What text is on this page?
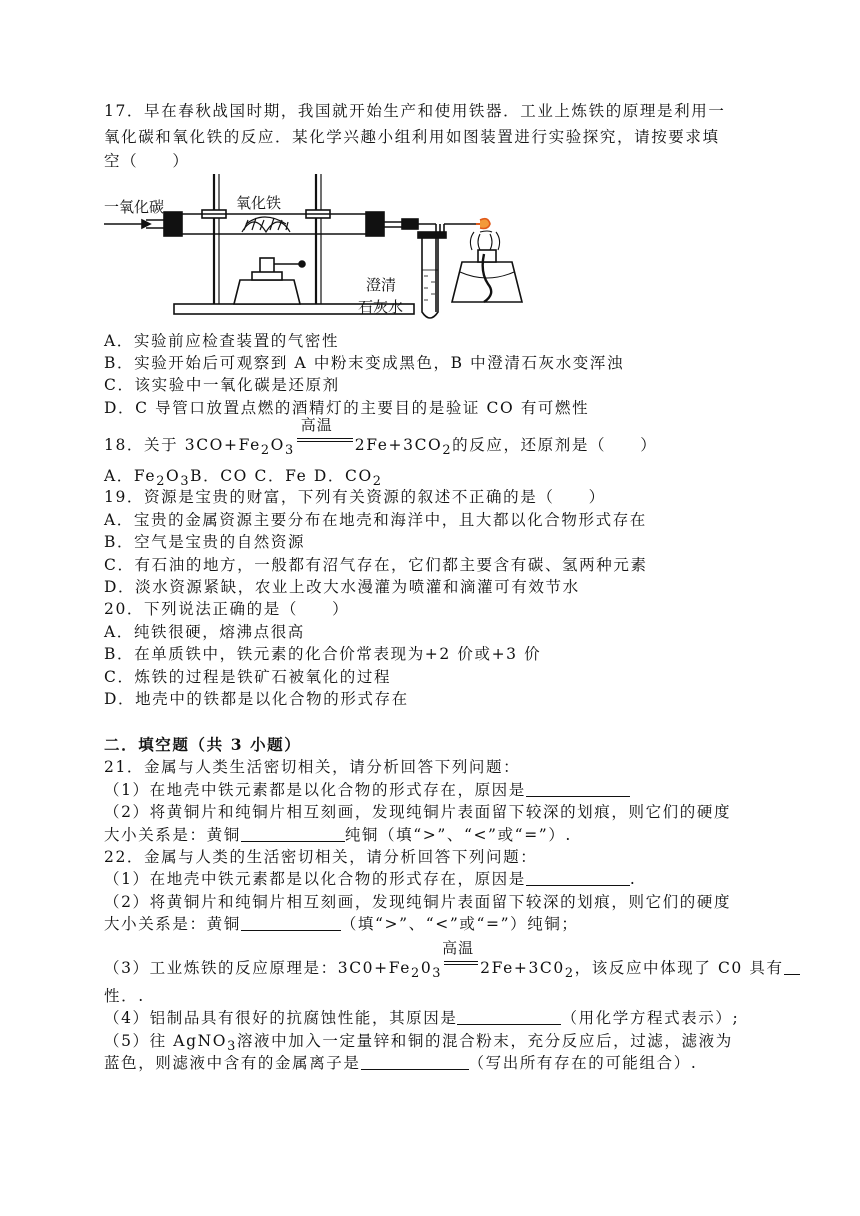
17．早在春秋战国时期，我国就开始生产和使用铁器．工业上炼铁的原理是利用一
氧化碳和氧化铁的反应．某化学兴趣小组利用如图装置进行实验探究，请按要求填
空（　　）
一氧化碳	氧化铁
澄清
石灰水
A．实验前应检查装置的气密性
B．实验开始后可观察到 A 中粉末变成黑色，B 中澄清石灰水变浑浊
C．该实验中一氧化碳是还原剂
D．C 导管口放置点燃的酒精灯的主要目的是验证 CO 有可燃性
18．关于 $3CO+Fe_2O_3$
高温
$2Fe+3CO_2$的反应，还原剂是（　　）
A．$Fe_2O_3B$．CO C．Fe D．$CO_2$
19．资源是宝贵的财富，下列有关资源的叙述不正确的是（　　）
A．宝贵的金属资源主要分布在地壳和海洋中，且大都以化合物形式存在
B．空气是宝贵的自然资源
C．有石油的地方，一般都有沼气存在，它们都主要含有碳、氢两种元素
D．淡水资源紧缺，农业上改大水漫灌为喷灌和滴灌可有效节水
20．下列说法正确的是（　　）
A．纯铁很硬，熔沸点很高
B．在单质铁中，铁元素的化合价常表现为+2 价或+3 价
C．炼铁的过程是铁矿石被氧化的过程
D．地壳中的铁都是以化合物的形式存在
二．填空题（共 3 小题）
21．金属与人类生活密切相关，请分析回答下列问题：
（1）在地壳中铁元素都是以化合物的形式存在，原因是
（2）将黄铜片和纯铜片相互刻画，发现纯铜片表面留下较深的划痕，则它们的硬度
大小关系是：黄铜	纯铜（填“>”、“<”或“=”）.
22．金属与人类的生活密切相关，请分析回答下列问题：
（1）在地壳中铁元素都是以化合物的形式存在，原因是	.
（2）将黄铜片和纯铜片相互刻画，发现纯铜片表面留下较深的划痕，则它们的硬度
大小关系是：黄铜	（填“>”、“<”或“=”）纯铜；
（3）工业炼铁的反应原理是：$3C0+Fe_20_3$
高温
$2Fe+3C0_2$，该反应中体现了 C0 具有
性．.
（4）铝制品具有很好的抗腐蚀性能，其原因是	（用化学方程式表示）;
（5）往 AgNO$_3$溶液中加入一定量锌和铜的混合粉末，充分反应后，过滤，滤液为
蓝色，则滤液中含有的金属离子是	（写出所有存在的可能组合）.
